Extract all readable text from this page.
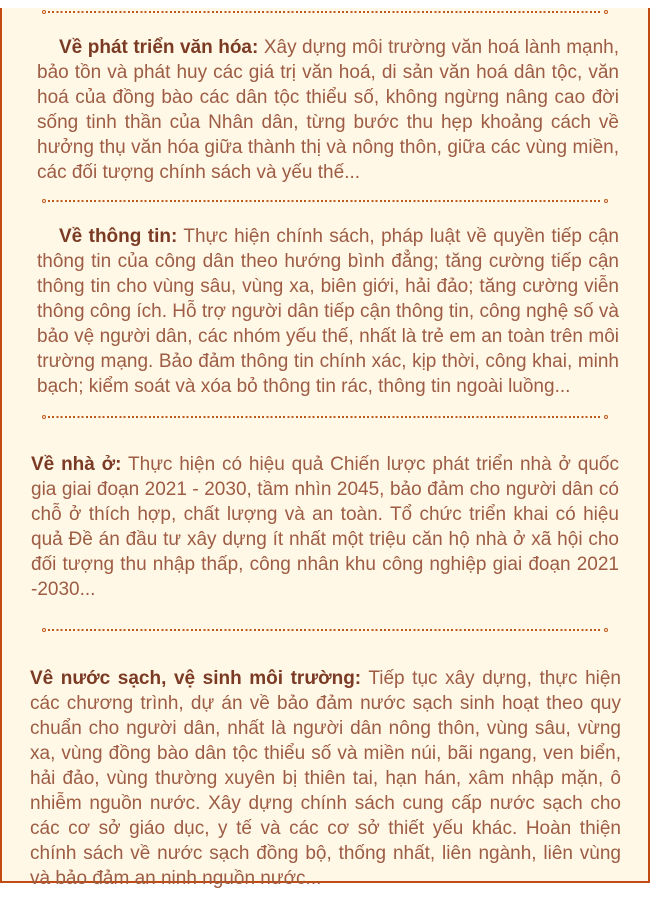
Về phát triển văn hóa: Xây dựng môi trường văn hoá lành mạnh, bảo tồn và phát huy các giá trị văn hoá, di sản văn hoá dân tộc, văn hoá của đồng bào các dân tộc thiểu số, không ngừng nâng cao đời sống tinh thần của Nhân dân, từng bước thu hẹp khoảng cách về hưởng thụ văn hóa giữa thành thị và nông thôn, giữa các vùng miền, các đối tượng chính sách và yếu thế...

Về thông tin: Thực hiện chính sách, pháp luật về quyền tiếp cận thông tin của công dân theo hướng bình đẳng; tăng cường tiếp cận thông tin cho vùng sâu, vùng xa, biên giới, hải đảo; tăng cường viễn thông công ích. Hỗ trợ người dân tiếp cận thông tin, công nghệ số và bảo vệ người dân, các nhóm yếu thế, nhất là trẻ em an toàn trên môi trường mạng. Bảo đảm thông tin chính xác, kịp thời, công khai, minh bạch; kiểm soát và xóa bỏ thông tin rác, thông tin ngoài luồng...

Về nhà ở: Thực hiện có hiệu quả Chiến lược phát triển nhà ở quốc gia giai đoạn 2021 - 2030, tầm nhìn 2045, bảo đảm cho người dân có chỗ ở thích hợp, chất lượng và an toàn. Tổ chức triển khai có hiệu quả Đề án đầu tư xây dựng ít nhất một triệu căn hộ nhà ở xã hội cho đối tượng thu nhập thấp, công nhân khu công nghiệp giai đoạn 2021 -2030...

Vê nước sạch, vệ sinh môi trường: Tiếp tục xây dựng, thực hiện các chương trình, dự án về bảo đảm nước sạch sinh hoạt theo quy chuẩn cho người dân, nhất là người dân nông thôn, vùng sâu, vừng xa, vùng đồng bào dân tộc thiểu số và miền núi, bãi ngang, ven biển, hải đảo, vùng thường xuyên bị thiên tai, hạn hán, xâm nhập mặn, ô nhiễm nguồn nước. Xây dựng chính sách cung cấp nước sạch cho các cơ sở giáo dục, y tế và các cơ sở thiết yếu khác. Hoàn thiện chính sách về nước sạch đồng bộ, thống nhất, liên ngành, liên vùng và bảo đảm an ninh nguồn nước...
